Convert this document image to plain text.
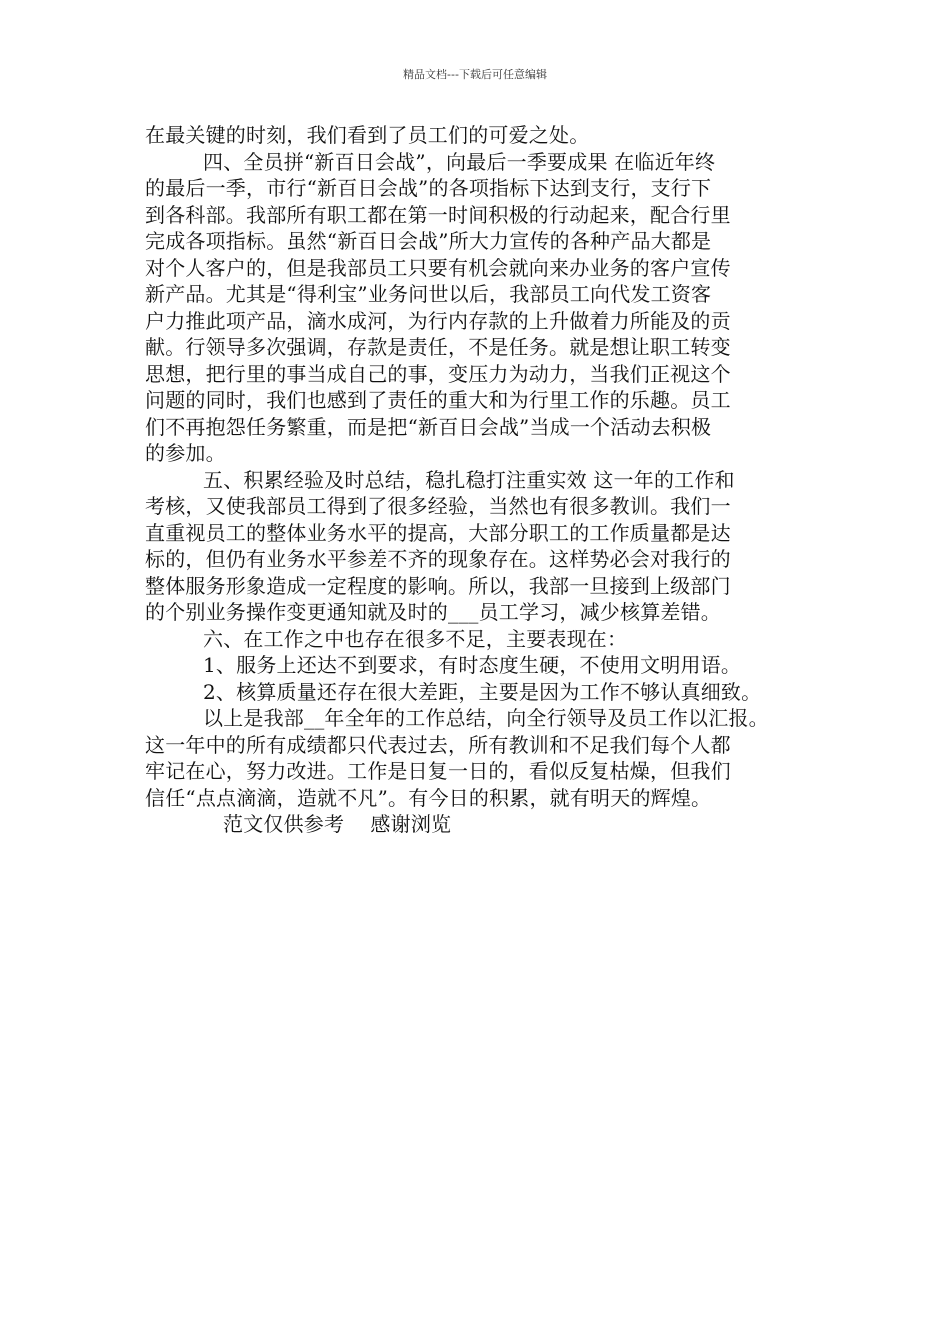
精品文档---下载后可任意编辑
在最关键的时刻，我们看到了员工们的可爱之处。
四、全员拼“新百日会战”，向最后一季要成果 在临近年终
的最后一季，市行“新百日会战”的各项指标下达到支行，支行下
到各科部。我部所有职工都在第一时间积极的行动起来，配合行里
完成各项指标。虽然“新百日会战”所大力宣传的各种产品大都是
对个人客户的，但是我部员工只要有机会就向来办业务的客户宣传
新产品。尤其是“得利宝”业务问世以后，我部员工向代发工资客
户力推此项产品，滴水成河，为行内存款的上升做着力所能及的贡
献。行领导多次强调，存款是责任，不是任务。就是想让职工转变
思想，把行里的事当成自己的事，变压力为动力，当我们正视这个
问题的同时，我们也感到了责任的重大和为行里工作的乐趣。员工
们不再抱怨任务繁重，而是把“新百日会战”当成一个活动去积极
的参加。
五、积累经验及时总结，稳扎稳打注重实效 这一年的工作和
考核，又使我部员工得到了很多经验，当然也有很多教训。我们一
直重视员工的整体业务水平的提高，大部分职工的工作质量都是达
标的，但仍有业务水平参差不齐的现象存在。这样势必会对我行的
整体服务形象造成一定程度的影响。所以，我部一旦接到上级部门
的个别业务操作变更通知就及时的___员工学习，减少核算差错。
六、在工作之中也存在很多不足，主要表现在：
1、服务上还达不到要求，有时态度生硬，不使用文明用语。
2、核算质量还存在很大差距，主要是因为工作不够认真细致。
以上是我部__年全年的工作总结，向全行领导及员工作以汇报。
这一年中的所有成绩都只代表过去，所有教训和不足我们每个人都
牢记在心，努力改进。工作是日复一日的，看似反复枯燥，但我们
信任“点点滴滴，造就不凡”。有今日的积累，就有明天的辉煌。
范文仅供参考    感谢浏览
